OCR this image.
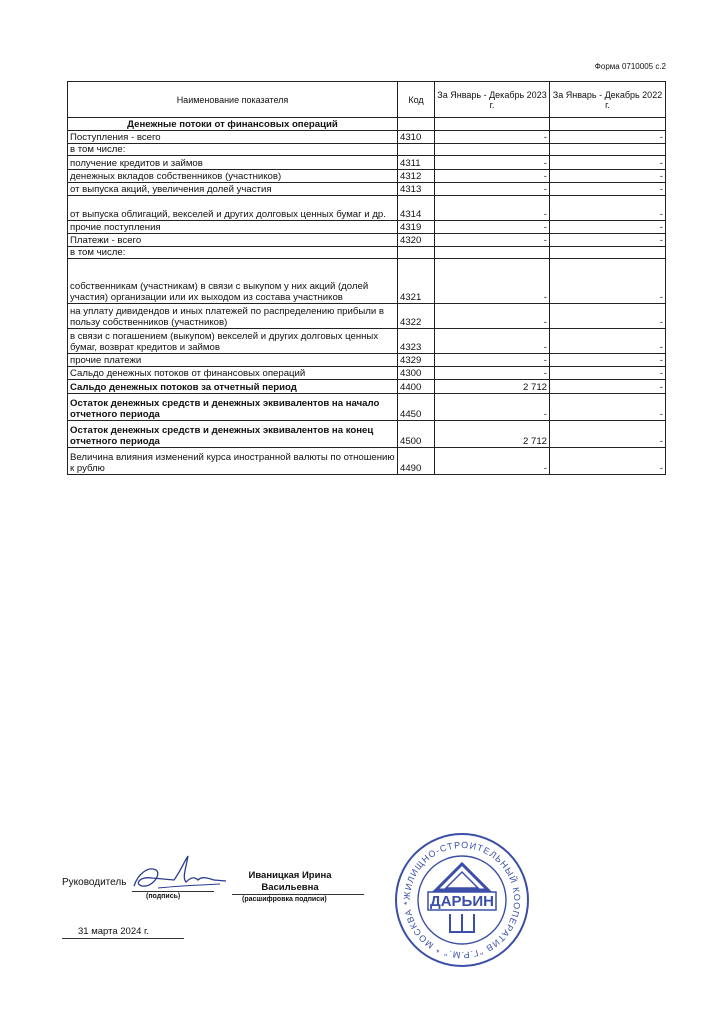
Форма 0710005 с.2
Наименование показателя	Код	За Январь - Декабрь 2023 г.	За Январь - Декабрь 2022 г.
Денежные потоки от финансовых операций			
Поступления - всего	4310	-	-
в том числе:			
получение кредитов и займов	4311	-	-
денежных вкладов собственников (участников)	4312	-	-
от выпуска акций, увеличения долей участия	4313	-	-
от выпуска облигаций, векселей и других долговых ценных бумаг и др.	4314	-	-
прочие поступления	4319	-	-
Платежи - всего	4320	-	-
в том числе:			
собственникам (участникам) в связи с выкупом у них акций (долей участия) организации или их выходом из состава участников	4321	-	-
на уплату дивидендов и иных платежей по распределению прибыли в пользу собственников (участников)	4322	-	-
в связи с погашением (выкупом) векселей и других долговых ценных бумаг, возврат кредитов и займов	4323	-	-
прочие платежи	4329	-	-
Сальдо денежных потоков от финансовых операций	4300	-	-
Сальдо денежных потоков за отчетный период	4400	2 712	-
Остаток денежных средств и денежных эквивалентов на начало отчетного периода	4450	-	-
Остаток денежных средств и денежных эквивалентов на конец отчетного периода	4500	2 712	-
Величина влияния изменений курса иностранной валюты по отношению к рублю	4490	-	-
Руководитель
(подпись)
Иваницкая Ирина
Васильевна
(расшифровка подписи)
31 марта 2024 г.
ЖИЛИЩНО-СТРОИТЕЛЬНЫЙ КООПЕРАТИВ "Г.Р.М." * МОСКВА *	ДАРЬИН
